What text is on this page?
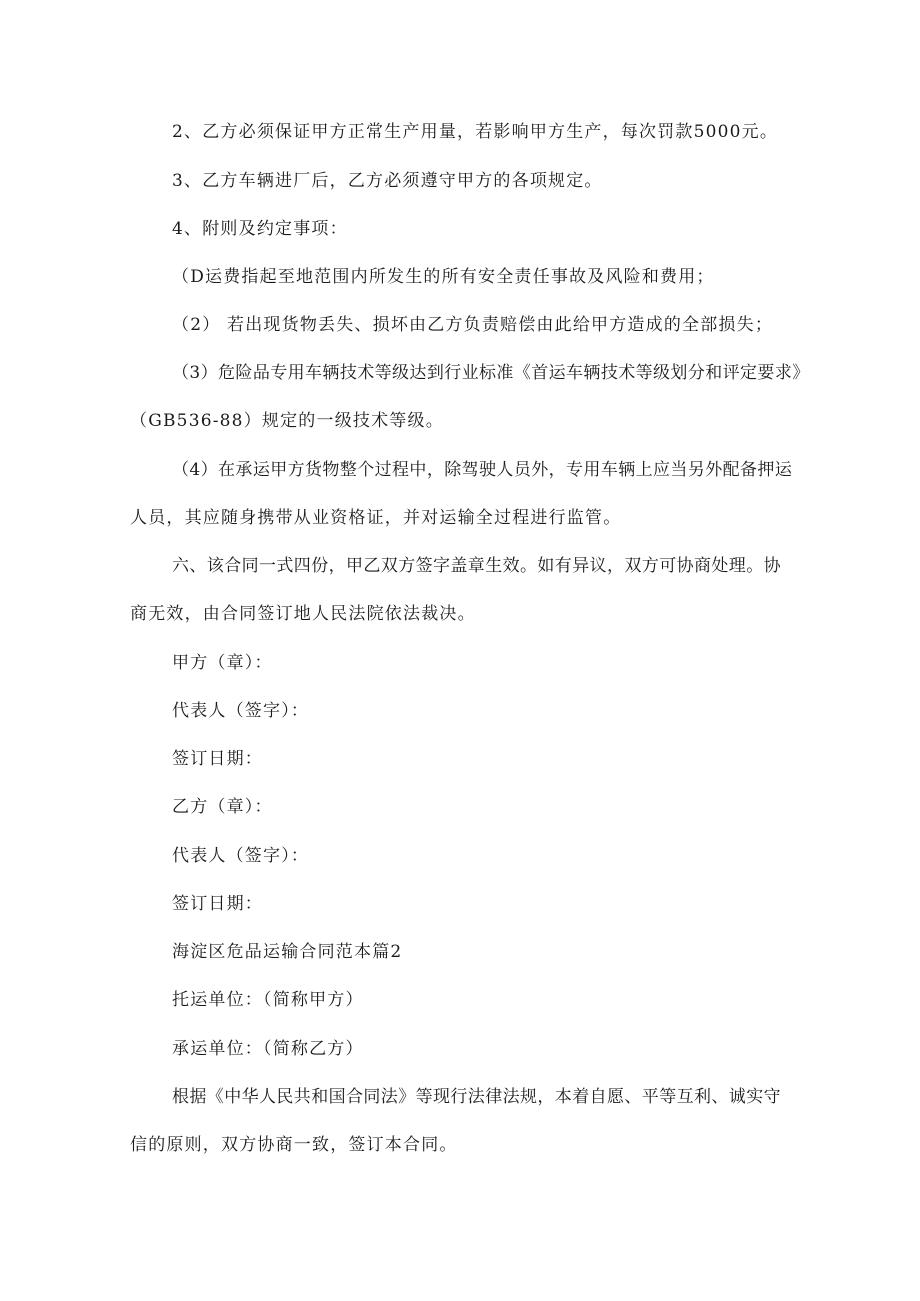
2、乙方必须保证甲方正常生产用量，若影响甲方生产，每次罚款5000元。
3、乙方车辆进厂后，乙方必须遵守甲方的各项规定。
4、附则及约定事项：
（D运费指起至地范围内所发生的所有安全责任事故及风险和费用；
（2） 若出现货物丢失、损坏由乙方负责赔偿由此给甲方造成的全部损失；
（3）危险品专用车辆技术等级达到行业标准《首运车辆技术等级划分和评定要求》
（GB536-88）规定的一级技术等级。
（4）在承运甲方货物整个过程中，除驾驶人员外，专用车辆上应当另外配备押运
人员，其应随身携带从业资格证，并对运输全过程进行监管。
六、该合同一式四份，甲乙双方签字盖章生效。如有异议，双方可协商处理。协
商无效，由合同签订地人民法院依法裁决。
甲方（章）：
代表人（签字）：
签订日期：
乙方（章）：
代表人（签字）：
签订日期：
海淀区危品运输合同范本篇2
托运单位：（简称甲方）
承运单位：（简称乙方）
根据《中华人民共和国合同法》等现行法律法规，本着自愿、平等互利、诚实守
信的原则，双方协商一致，签订本合同。
